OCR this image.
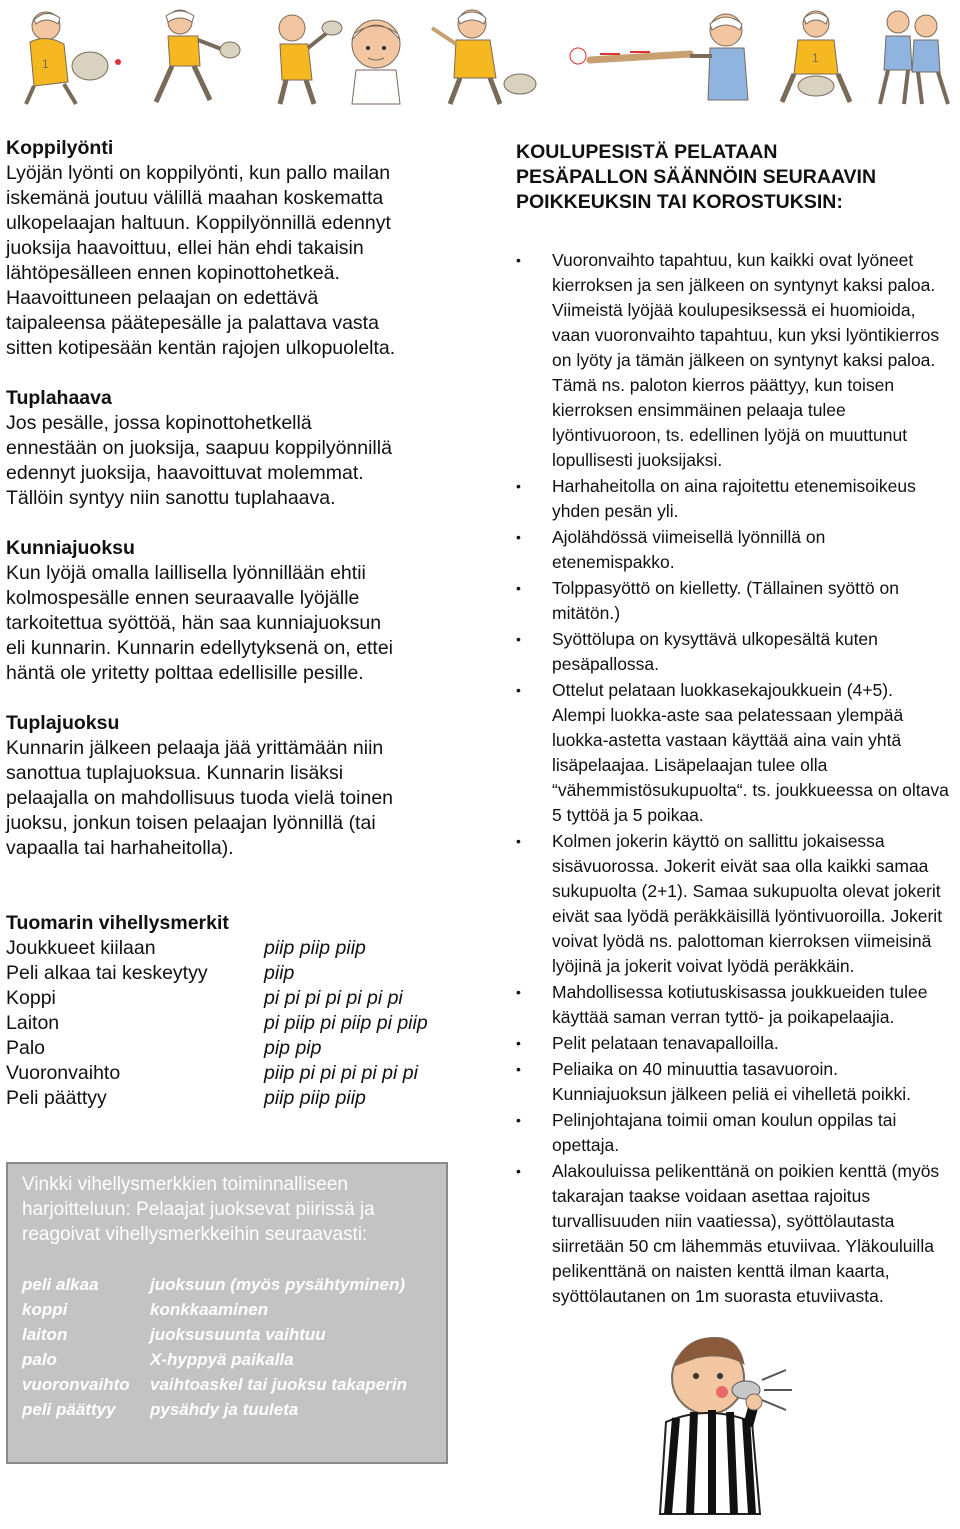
1	1
Koppilyönti
Lyöjän lyönti on koppilyönti, kun pallo mailan
iskemänä joutuu välillä maahan koskematta
ulkopelaajan haltuun. Koppilyönnillä edennyt
juoksija haavoittuu, ellei hän ehdi takaisin
lähtöpesälleen ennen kopinottohetkeä.
Haavoittuneen pelaajan on edettävä
taipaleensa päätepesälle ja palattava vasta
sitten kotipesään kentän rajojen ulkopuolelta.
Tuplahaava
Jos pesälle, jossa kopinottohetkellä
ennestään on juoksija, saapuu koppilyönnillä
edennyt juoksija, haavoittuvat molemmat.
Tällöin syntyy niin sanottu tuplahaava.
Kunniajuoksu
Kun lyöjä omalla laillisella lyönnillään ehtii
kolmospesälle ennen seuraavalle lyöjälle
tarkoitettua syöttöä, hän saa kunniajuoksun
eli kunnarin. Kunnarin edellytyksenä on, ettei
häntä ole yritetty polttaa edellisille pesille.
Tuplajuoksu
Kunnarin jälkeen pelaaja jää yrittämään niin
sanottua tuplajuoksua. Kunnarin lisäksi
pelaajalla on mahdollisuus tuoda vielä toinen
juoksu, jonkun toisen pelaajan lyönnillä (tai
vapaalla tai harhaheitolla).
Tuomarin vihellysmerkit
Joukkueet kiilaan	piip piip piip
Peli alkaa tai keskeytyy	piip
Koppi	pi pi pi pi pi pi pi
Laiton	pi piip pi piip pi piip
Palo	pip pip
Vuoronvaihto	piip pi pi pi pi pi pi
Peli päättyy	piip piip piip
Vinkki vihellysmerkkien toiminnalliseen
harjoitteluun: Pelaajat juoksevat piirissä ja
reagoivat vihellysmerkkeihin seuraavasti:
peli alkaa	juoksuun (myös pysähtyminen)
koppi	konkkaaminen
laiton	juoksusuunta vaihtuu
palo	X-hyppyä paikalla
vuoronvaihto	vaihtoaskel tai juoksu takaperin
peli päättyy	pysähdy ja tuuleta
KOULUPESISTÄ PELATAAN
PESÄPALLON SÄÄNNÖIN SEURAAVIN
POIKKEUKSIN TAI KOROSTUKSIN:
• Vuoronvaihto tapahtuu, kun kaikki ovat lyöneet
kierroksen ja sen jälkeen on syntynyt kaksi paloa.
Viimeistä lyöjää koulupesiksessä ei huomioida,
vaan vuoronvaihto tapahtuu, kun yksi lyöntikierros
on lyöty ja tämän jälkeen on syntynyt kaksi paloa.
Tämä ns. paloton kierros päättyy, kun toisen
kierroksen ensimmäinen pelaaja tulee
lyöntivuoroon, ts. edellinen lyöjä on muuttunut
lopullisesti juoksijaksi.
• Harhaheitolla on aina rajoitettu etenemisoikeus
yhden pesän yli.
• Ajolähdössä viimeisellä lyönnillä on
etenemispakko.
• Tolppasyöttö on kielletty. (Tällainen syöttö on
mitätön.)
• Syöttölupa on kysyttävä ulkopesältä kuten
pesäpallossa.
• Ottelut pelataan luokkasekajoukkuein (4+5).
Alempi luokka-aste saa pelatessaan ylempää
luokka-astetta vastaan käyttää aina vain yhtä
lisäpelaajaa. Lisäpelaajan tulee olla
“vähemmistösukupuolta“. ts. joukkueessa on oltava
5 tyttöä ja 5 poikaa.
• Kolmen jokerin käyttö on sallittu jokaisessa
sisävuorossa. Jokerit eivät saa olla kaikki samaa
sukupuolta (2+1). Samaa sukupuolta olevat jokerit
eivät saa lyödä peräkkäisillä lyöntivuoroilla. Jokerit
voivat lyödä ns. palottoman kierroksen viimeisinä
lyöjinä ja jokerit voivat lyödä peräkkäin.
• Mahdollisessa kotiutuskisassa joukkueiden tulee
käyttää saman verran tyttö- ja poikapelaajia.
• Pelit pelataan tenavapalloilla.
• Peliaika on 40 minuuttia tasavuoroin.
Kunniajuoksun jälkeen peliä ei vihelletä poikki.
• Pelinjohtajana toimii oman koulun oppilas tai
opettaja.
• Alakouluissa pelikenttänä on poikien kenttä (myös
takarajan taakse voidaan asettaa rajoitus
turvallisuuden niin vaatiessa), syöttölautasta
siirretään 50 cm lähemmäs etuviivaa. Yläkouluilla
pelikenttänä on naisten kenttä ilman kaarta,
syöttölautanen on 1m suorasta etuviivasta.
